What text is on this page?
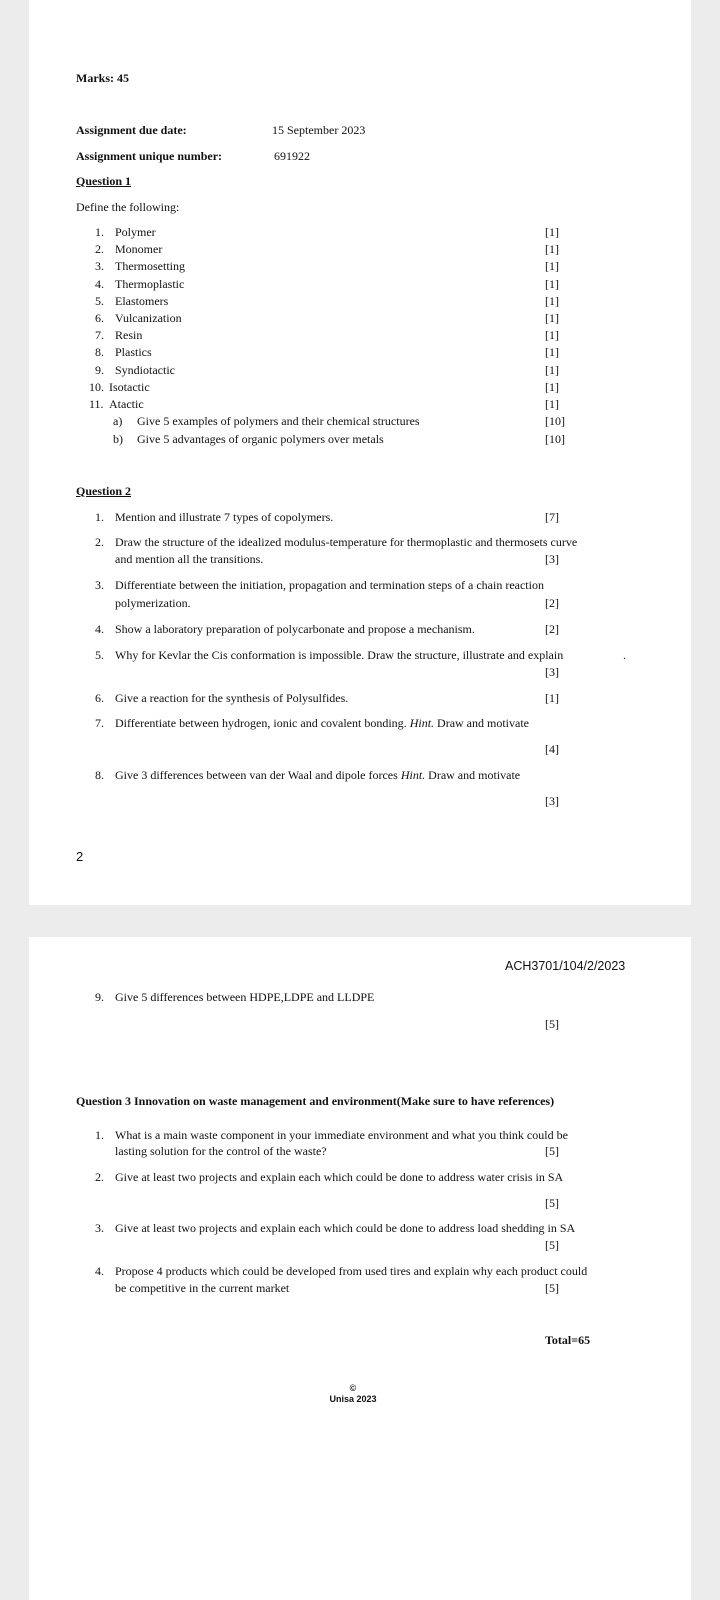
Marks: 45
Assignment due date:	15 September 2023
Assignment unique number:	691922
Question 1
Define the following:
1. Polymer	[1]
2. Monomer	[1]
3. Thermosetting	[1]
4. Thermoplastic	[1]
5. Elastomers	[1]
6. Vulcanization	[1]
7. Resin	[1]
8. Plastics	[1]
9. Syndiotactic	[1]
10. Isotactic	[1]
11. Atactic	[1]
a) Give 5 examples of polymers and their chemical structures	[10]
b) Give 5 advantages of organic polymers over metals	[10]
Question 2
1. Mention and illustrate 7 types of copolymers.	[7]
2. Draw the structure of the idealized modulus-temperature for thermoplastic and thermosets curve
and mention all the transitions.	[3]
3. Differentiate between the initiation, propagation and termination steps of a chain reaction
polymerization.	[2]
4. Show a laboratory preparation of polycarbonate and propose a mechanism.	[2]
5. Why for Kevlar the Cis conformation is impossible. Draw the structure, illustrate and explain	.
[3]
6. Give a reaction for the synthesis of Polysulfides.	[1]
7. Differentiate between hydrogen, ionic and covalent bonding. Hint. Draw and motivate
[4]
8. Give 3 differences between van der Waal and dipole forces Hint. Draw and motivate
[3]
2
ACH3701/104/2/2023
9. Give 5 differences between HDPE,LDPE and LLDPE
[5]
Question 3 Innovation on waste management and environment(Make sure to have references)
1. What is a main waste component in your immediate environment and what you think could be
lasting solution for the control of the waste?	[5]
2. Give at least two projects and explain each which could be done to address water crisis in SA
[5]
3. Give at least two projects and explain each which could be done to address load shedding in SA
[5]
4. Propose 4 products which could be developed from used tires and explain why each product could
be competitive in the current market	[5]
Total=65
©
Unisa 2023
